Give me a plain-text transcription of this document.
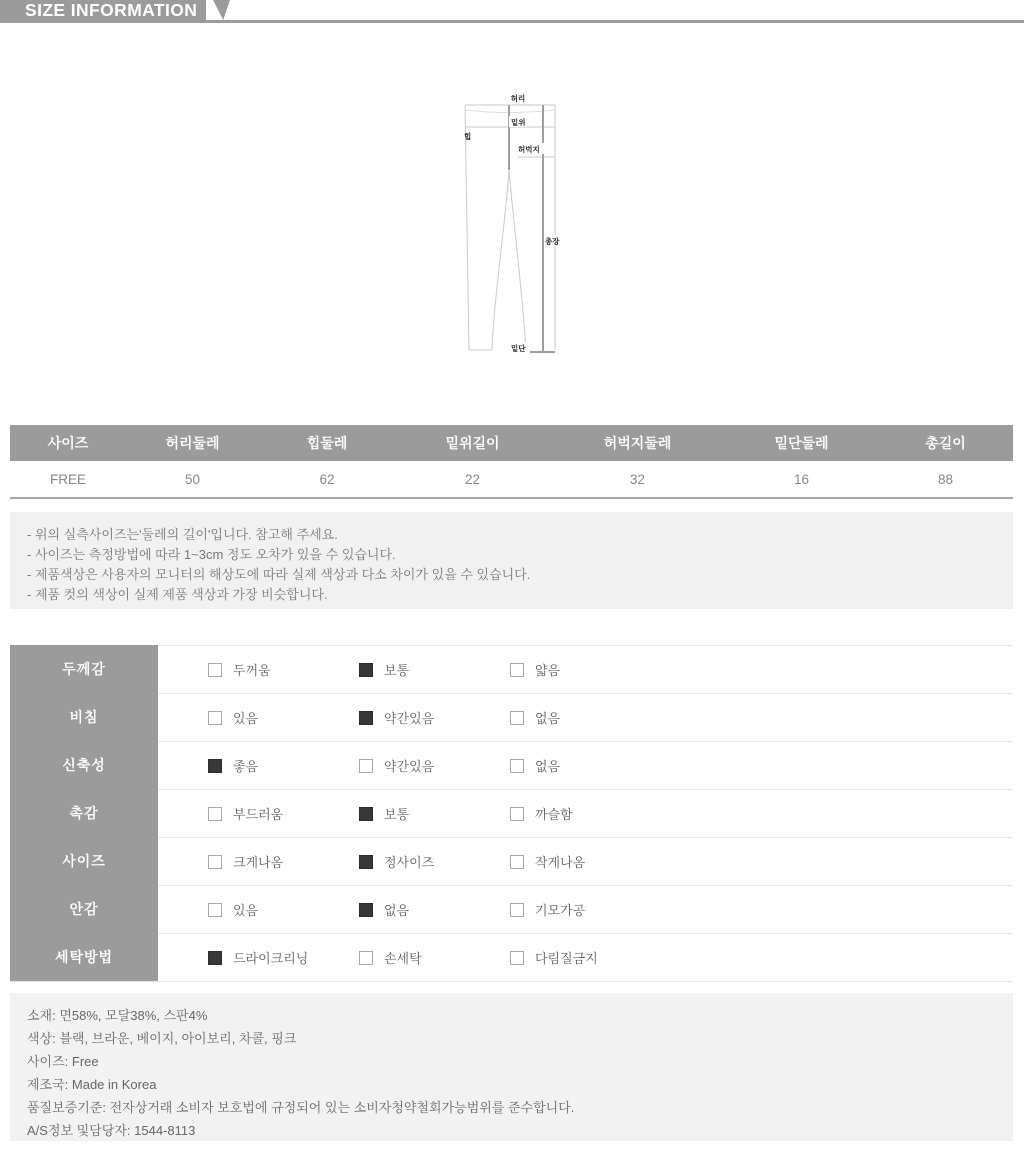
SIZE INFORMATION
허리
밑위
힙
허벅지
총장
밑단
사이즈	허리둘레	힙둘레	밑위길이	허벅지둘레	밑단둘레	총길이
FREE	50	62	22	32	16	88
- 위의 실측사이즈는'둘레의 길이'입니다. 참고해 주세요.
- 사이즈는 측정방법에 따라 1~3cm 정도 오차가 있을 수 있습니다.
- 제품색상은 사용자의 모니터의 해상도에 따라 실제 색상과 다소 차이가 있을 수 있습니다.
- 제품 컷의 색상이 실제 제품 색상과 가장 비슷합니다.
두께감	두꺼움	보통	얇음
비침	있음	약간있음	없음
신축성	좋음	약간있음	없음
촉감	부드러움	보통	까슬함
사이즈	크게나옴	정사이즈	작게나옴
안감	있음	없음	기모가공
세탁방법	드라이크리닝	손세탁	다림질금지
소재: 면58%, 모달38%, 스판4%
색상: 블랙, 브라운, 베이지, 아이보리, 차콜, 핑크
사이즈: Free
제조국: Made in Korea
품질보증기준: 전자상거래 소비자 보호법에 규정되어 있는 소비자청약철회가능범위를 준수합니다.
A/S정보 및담당자: 1544-8113
